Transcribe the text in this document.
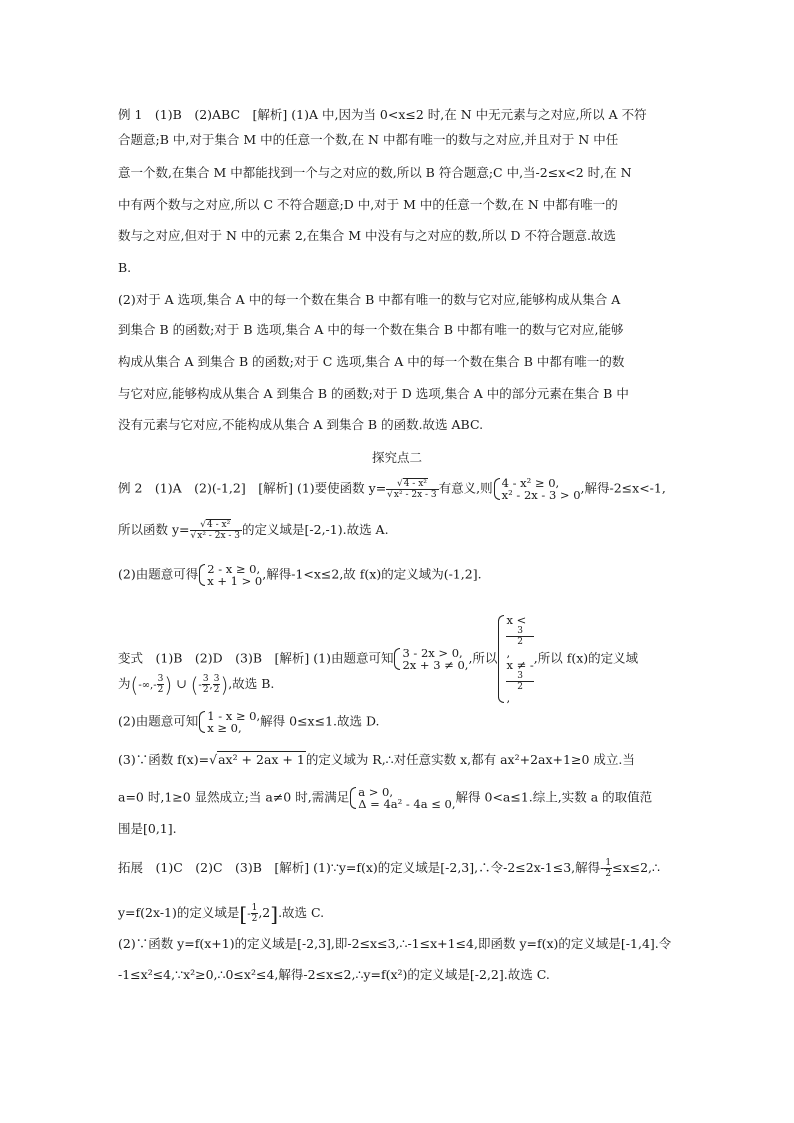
例 1　(1)B　(2)ABC　[解析] (1)A 中,因为当 0<x≤2 时,在 N 中无元素与之对应,所以 A 不符
合题意;B 中,对于集合 M 中的任意一个数,在 N 中都有唯一的数与之对应,并且对于 N 中任
意一个数,在集合 M 中都能找到一个与之对应的数,所以 B 符合题意;C 中,当-2≤x<2 时,在 N
中有两个数与之对应,所以 C 不符合题意;D 中,对于 M 中的任意一个数,在 N 中都有唯一的
数与之对应,但对于 N 中的元素 2,在集合 M 中没有与之对应的数,所以 D 不符合题意.故选
B.
(2)对于 A 选项,集合 A 中的每一个数在集合 B 中都有唯一的数与它对应,能够构成从集合 A
到集合 B 的函数;对于 B 选项,集合 A 中的每一个数在集合 B 中都有唯一的数与它对应,能够
构成从集合 A 到集合 B 的函数;对于 C 选项,集合 A 中的每一个数在集合 B 中都有唯一的数
与它对应,能够构成从集合 A 到集合 B 的函数;对于 D 选项,集合 A 中的部分元素在集合 B 中
没有元素与它对应,不能构成从集合 A 到集合 B 的函数.故选 ABC.
探究点二
例 2　(1)A　(2)(-1,2]　[解析] (1)要使函数 $y= \frac{\text{√4 - x²}}{\text{√x² - 2x - 3}}$ 有意义,则 4 - x² ≥ 0,
x² - 2x - 3 > 0 ,解得-2≤x<-1,
所以函数 $y= \frac{\text{√4 - x²}}{\text{√x² - 2x - 3}}$ 的定义域是[-2,-1).故选 A.
(2)由题意可得 2 - x ≥ 0,
x + 1 > 0 ,解得-1<x≤2,故 f(x)的定义域为(-1,2].
变式　(1)B　(2)D　(3)B　[解析] (1)由题意可知 3 - 2x > 0,
2x + 3 ≠ 0, ,所以
x <
3
2
,
x ≠ -
3
2
,
,所以 f(x)的定义域
为(-∞,- $\frac{3}{2}$ ) ∪ (- $\frac{3}{2}$ , $\frac{3}{2}$ ),故选 B.
(2)由题意可知 1 - x ≥ 0,
x ≥ 0,	解得 0≤x≤1.故选 D.
(3)∵函数 f(x)=√ax² + 2ax + 1的定义域为 R,∴对任意实数 x,都有 ax²+2ax+1≥0 成立.当
a=0 时,1≥0 显然成立;当 a≠0 时,需满足 a > 0,
Δ = 4a² - 4a ≤ 0, 解得 0<a≤1.综上,实数 a 的取值范
围是[0,1].
拓展　(1)C　(2)C　(3)B　[解析] (1)∵y=f(x)的定义域是[-2,3],∴令-2≤2x-1≤3,解得- $\frac{1}{2}$ ≤x≤2,∴
y=f(2x-1)的定义域是[- $\frac{1}{2} ,2$].故选 C.
(2)∵函数 y=f(x+1)的定义域是[-2,3],即-2≤x≤3,∴-1≤x+1≤4,即函数 y=f(x)的定义域是[-1,4].令
-1≤x²≤4,∵x²≥0,∴0≤x²≤4,解得-2≤x≤2,∴y=f(x²)的定义域是[-2,2].故选 C.
